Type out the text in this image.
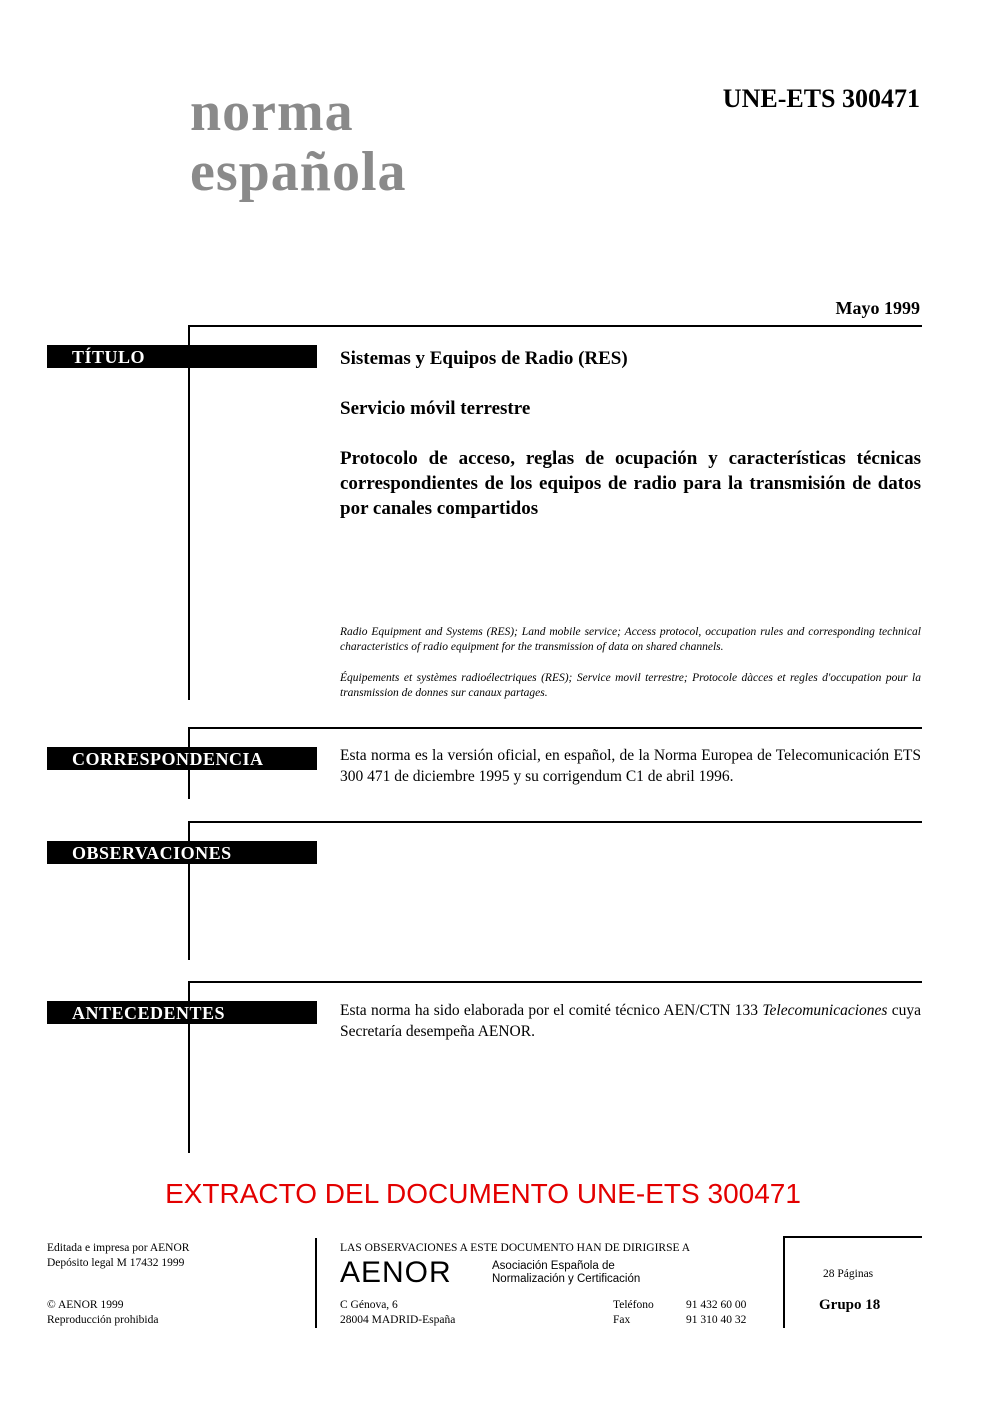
norma
española
UNE-ETS 300471
Mayo 1999
TÍTULO	Sistemas y Equipos de Radio (RES)
Servicio móvil terrestre
Protocolo de acceso, reglas de ocupación y características técnicas correspondientes de los equipos de radio para la transmisión de datos por canales compartidos
Radio Equipment and Systems (RES); Land mobile service; Access protocol, occupation rules and corresponding technical characteristics of radio equipment for the transmission of data on shared channels.
Équipements et systèmes radioélectriques (RES); Service movil terrestre; Protocole dàcces et regles d'occupation pour la transmission de donnes sur canaux partages.
CORRESPONDENCIA	Esta norma es la versión oficial, en español, de la Norma Europea de Telecomunicación ETS 300 471 de diciembre 1995 y su corrigendum C1 de abril 1996.
OBSERVACIONES
ANTECEDENTES	Esta norma ha sido elaborada por el comité técnico AEN/CTN 133 Telecomunicaciones cuya Secretaría desempeña AENOR.
EXTRACTO DEL DOCUMENTO UNE-ETS 300471
Editada e impresa por AENOR
Depósito legal M 17432 1999
© AENOR 1999
Reproducción prohibida
LAS OBSERVACIONES A ESTE DOCUMENTO HAN DE DIRIGIRSE A
AENOR	Asociación Española de
Normalización y Certificación
C Génova, 6
28004 MADRID-España
Teléfono	91 432 60 00
Fax	91 310 40 32
28 Páginas
Grupo 18
